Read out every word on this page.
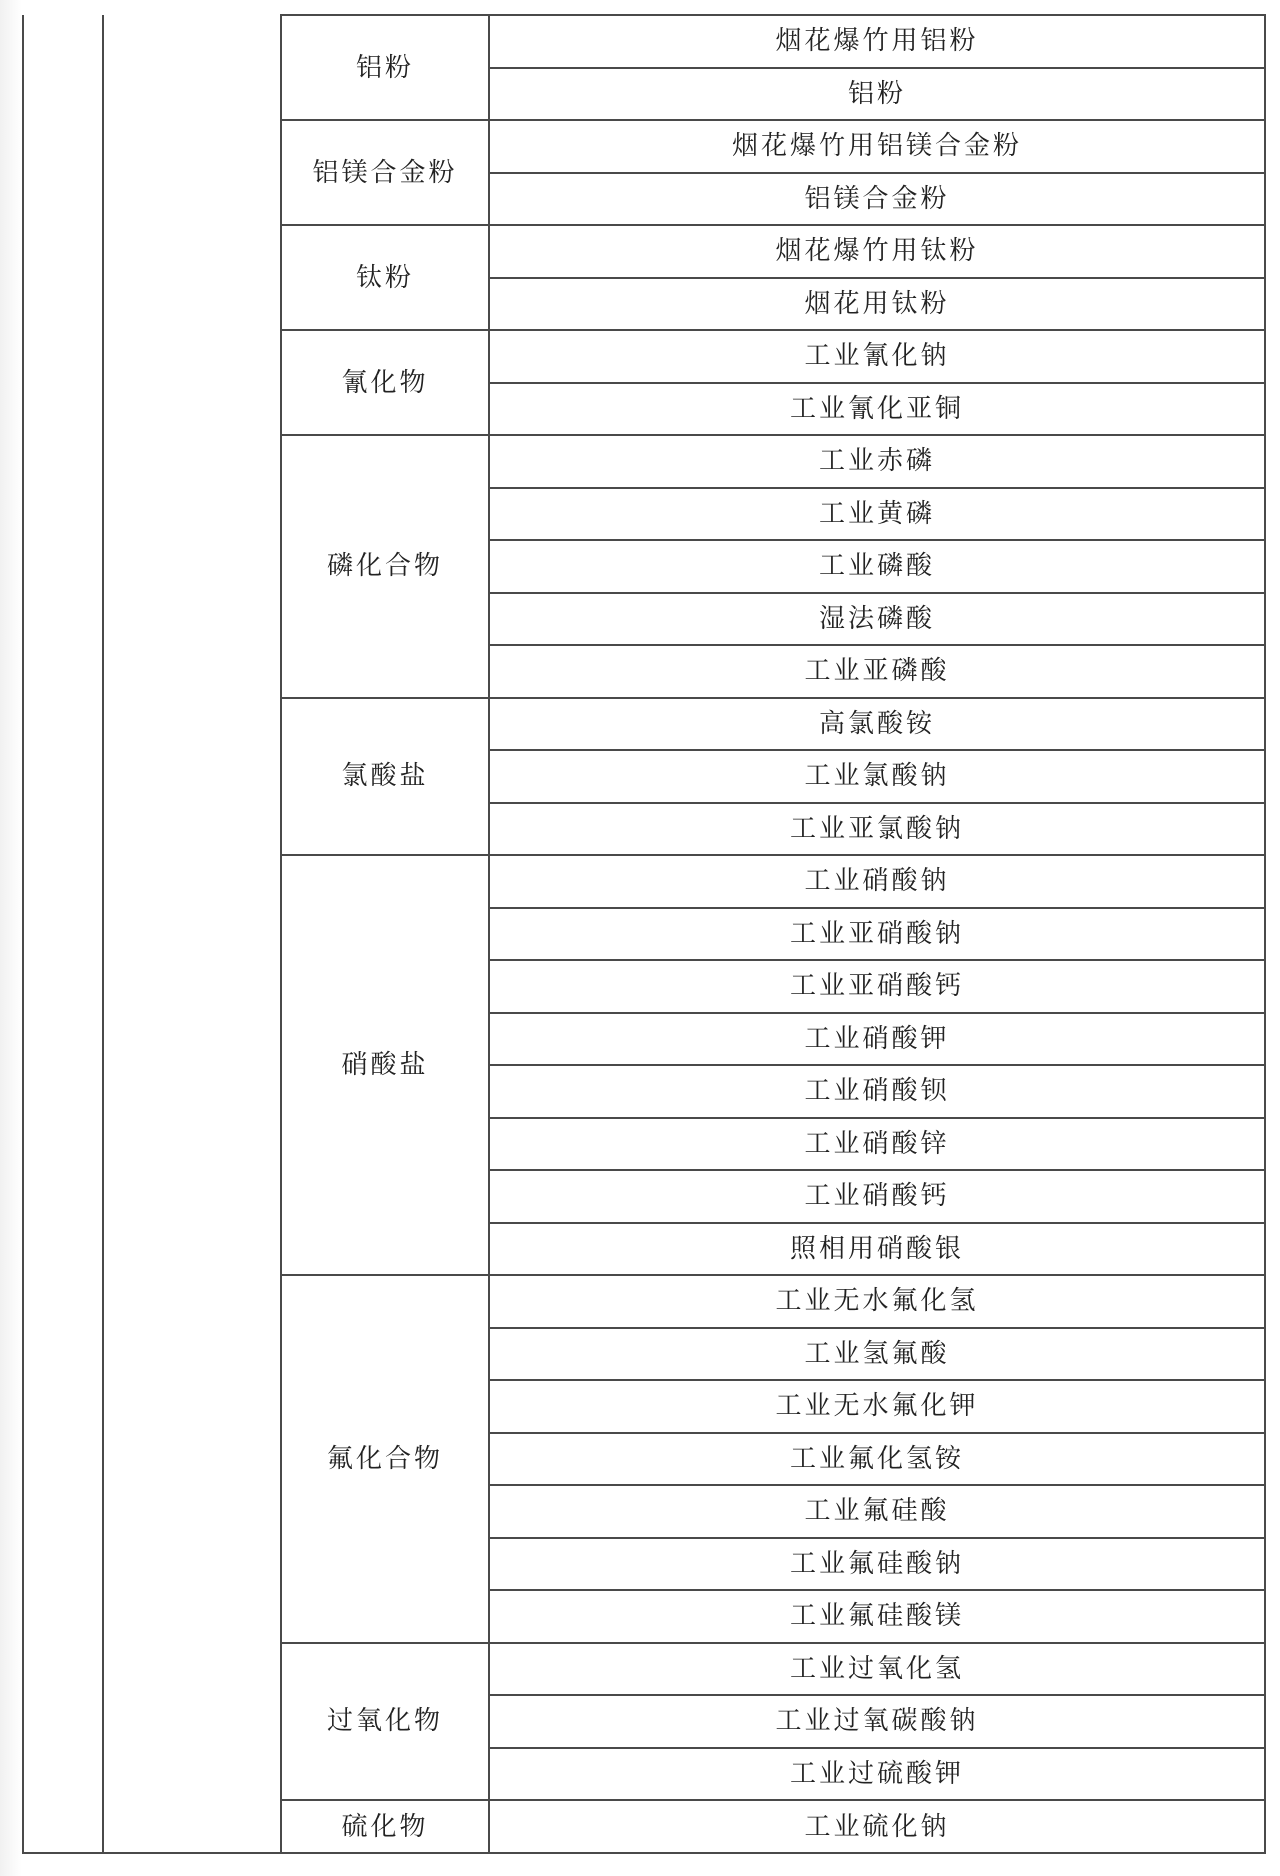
		铝粉	烟花爆竹用铝粉
			铝粉
		铝镁合金粉	烟花爆竹用铝镁合金粉
			铝镁合金粉
		钛粉	烟花爆竹用钛粉
			烟花用钛粉
		氰化物	工业氰化钠
			工业氰化亚铜
		磷化合物	工业赤磷
			工业黄磷
			工业磷酸
			湿法磷酸
			工业亚磷酸
		氯酸盐	高氯酸铵
			工业氯酸钠
			工业亚氯酸钠
		硝酸盐	工业硝酸钠
			工业亚硝酸钠
			工业亚硝酸钙
			工业硝酸钾
			工业硝酸钡
			工业硝酸锌
			工业硝酸钙
			照相用硝酸银
		氟化合物	工业无水氟化氢
			工业氢氟酸
			工业无水氟化钾
			工业氟化氢铵
			工业氟硅酸
			工业氟硅酸钠
			工业氟硅酸镁
		过氧化物	工业过氧化氢
			工业过氧碳酸钠
			工业过硫酸钾
		硫化物	工业硫化钠
